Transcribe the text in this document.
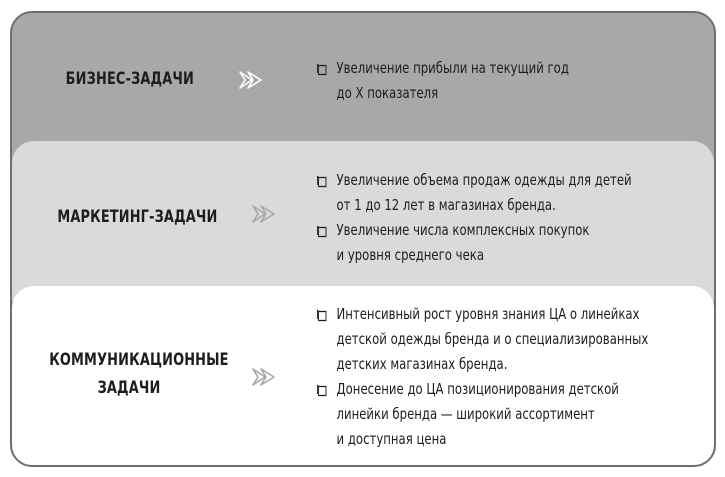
БИЗНЕС-ЗАДАЧИ
Увеличение прибыли на текущий год
до Х показателя
МАРКЕТИНГ-ЗАДАЧИ
Увеличение объема продаж одежды для детей
от 1 до 12 лет в магазинах бренда.
Увеличение числа комплексных покупок
и уровня среднего чека
КОММУНИКАЦИОННЫЕ
ЗАДАЧИ
Интенсивный рост уровня знания ЦА о линейках
детской одежды бренда и о специализированных
детских магазинах бренда.
Донесение до ЦА позиционирования детской
линейки бренда — широкий ассортимент
и доступная цена
